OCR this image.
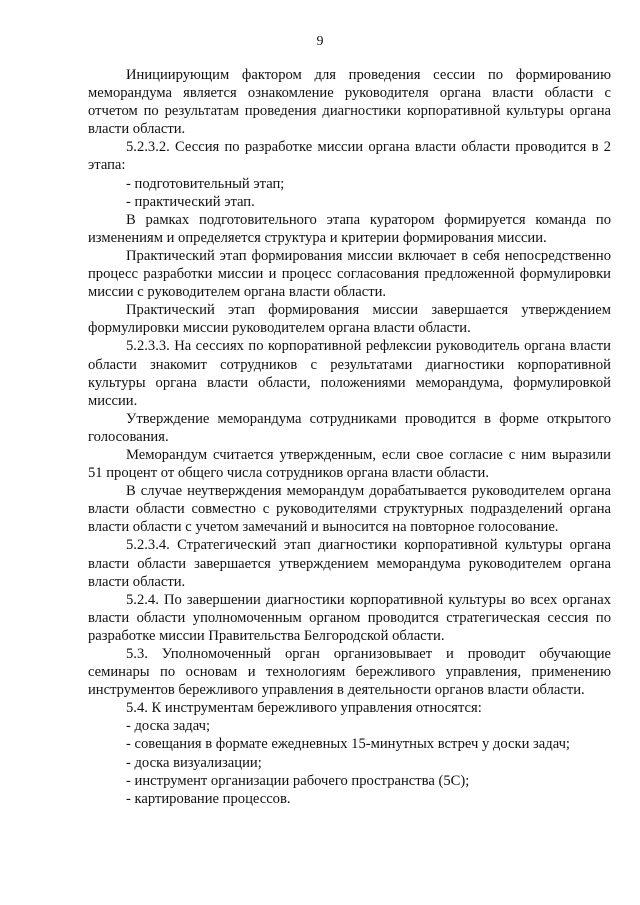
9

Инициирующим фактором для проведения сессии по формированию меморандума является ознакомление руководителя органа власти области с отчетом по результатам проведения диагностики корпоративной культуры органа власти области.

5.2.3.2. Сессия по разработке миссии органа власти области проводится в 2 этапа:

- подготовительный этап;

- практический этап.

В рамках подготовительного этапа куратором формируется команда по изменениям и определяется структура и критерии формирования миссии.

Практический этап формирования миссии включает в себя непосредственно процесс разработки миссии и процесс согласования предложенной формулировки миссии с руководителем органа власти области.

Практический этап формирования миссии завершается утверждением формулировки миссии руководителем органа власти области.

5.2.3.3. На сессиях по корпоративной рефлексии руководитель органа власти области знакомит сотрудников с результатами диагностики корпоративной культуры органа власти области, положениями меморандума, формулировкой миссии.

Утверждение меморандума сотрудниками проводится в форме открытого голосования.

Меморандум считается утвержденным, если свое согласие с ним выразили 51 процент от общего числа сотрудников органа власти области.

В случае неутверждения меморандум дорабатывается руководителем органа власти области совместно с руководителями структурных подразделений органа власти области с учетом замечаний и выносится на повторное голосование.

5.2.3.4. Стратегический этап диагностики корпоративной культуры органа власти области завершается утверждением меморандума руководителем органа власти области.

5.2.4. По завершении диагностики корпоративной культуры во всех органах власти области уполномоченным органом проводится стратегическая сессия по разработке миссии Правительства Белгородской области.

5.3. Уполномоченный орган организовывает и проводит обучающие семинары по основам и технологиям бережливого управления, применению инструментов бережливого управления в деятельности органов власти области.

5.4. К инструментам бережливого управления относятся:

- доска задач;

- совещания в формате ежедневных 15-минутных встреч у доски задач;

- доска визуализации;

- инструмент организации рабочего пространства (5С);

- картирование процессов.
